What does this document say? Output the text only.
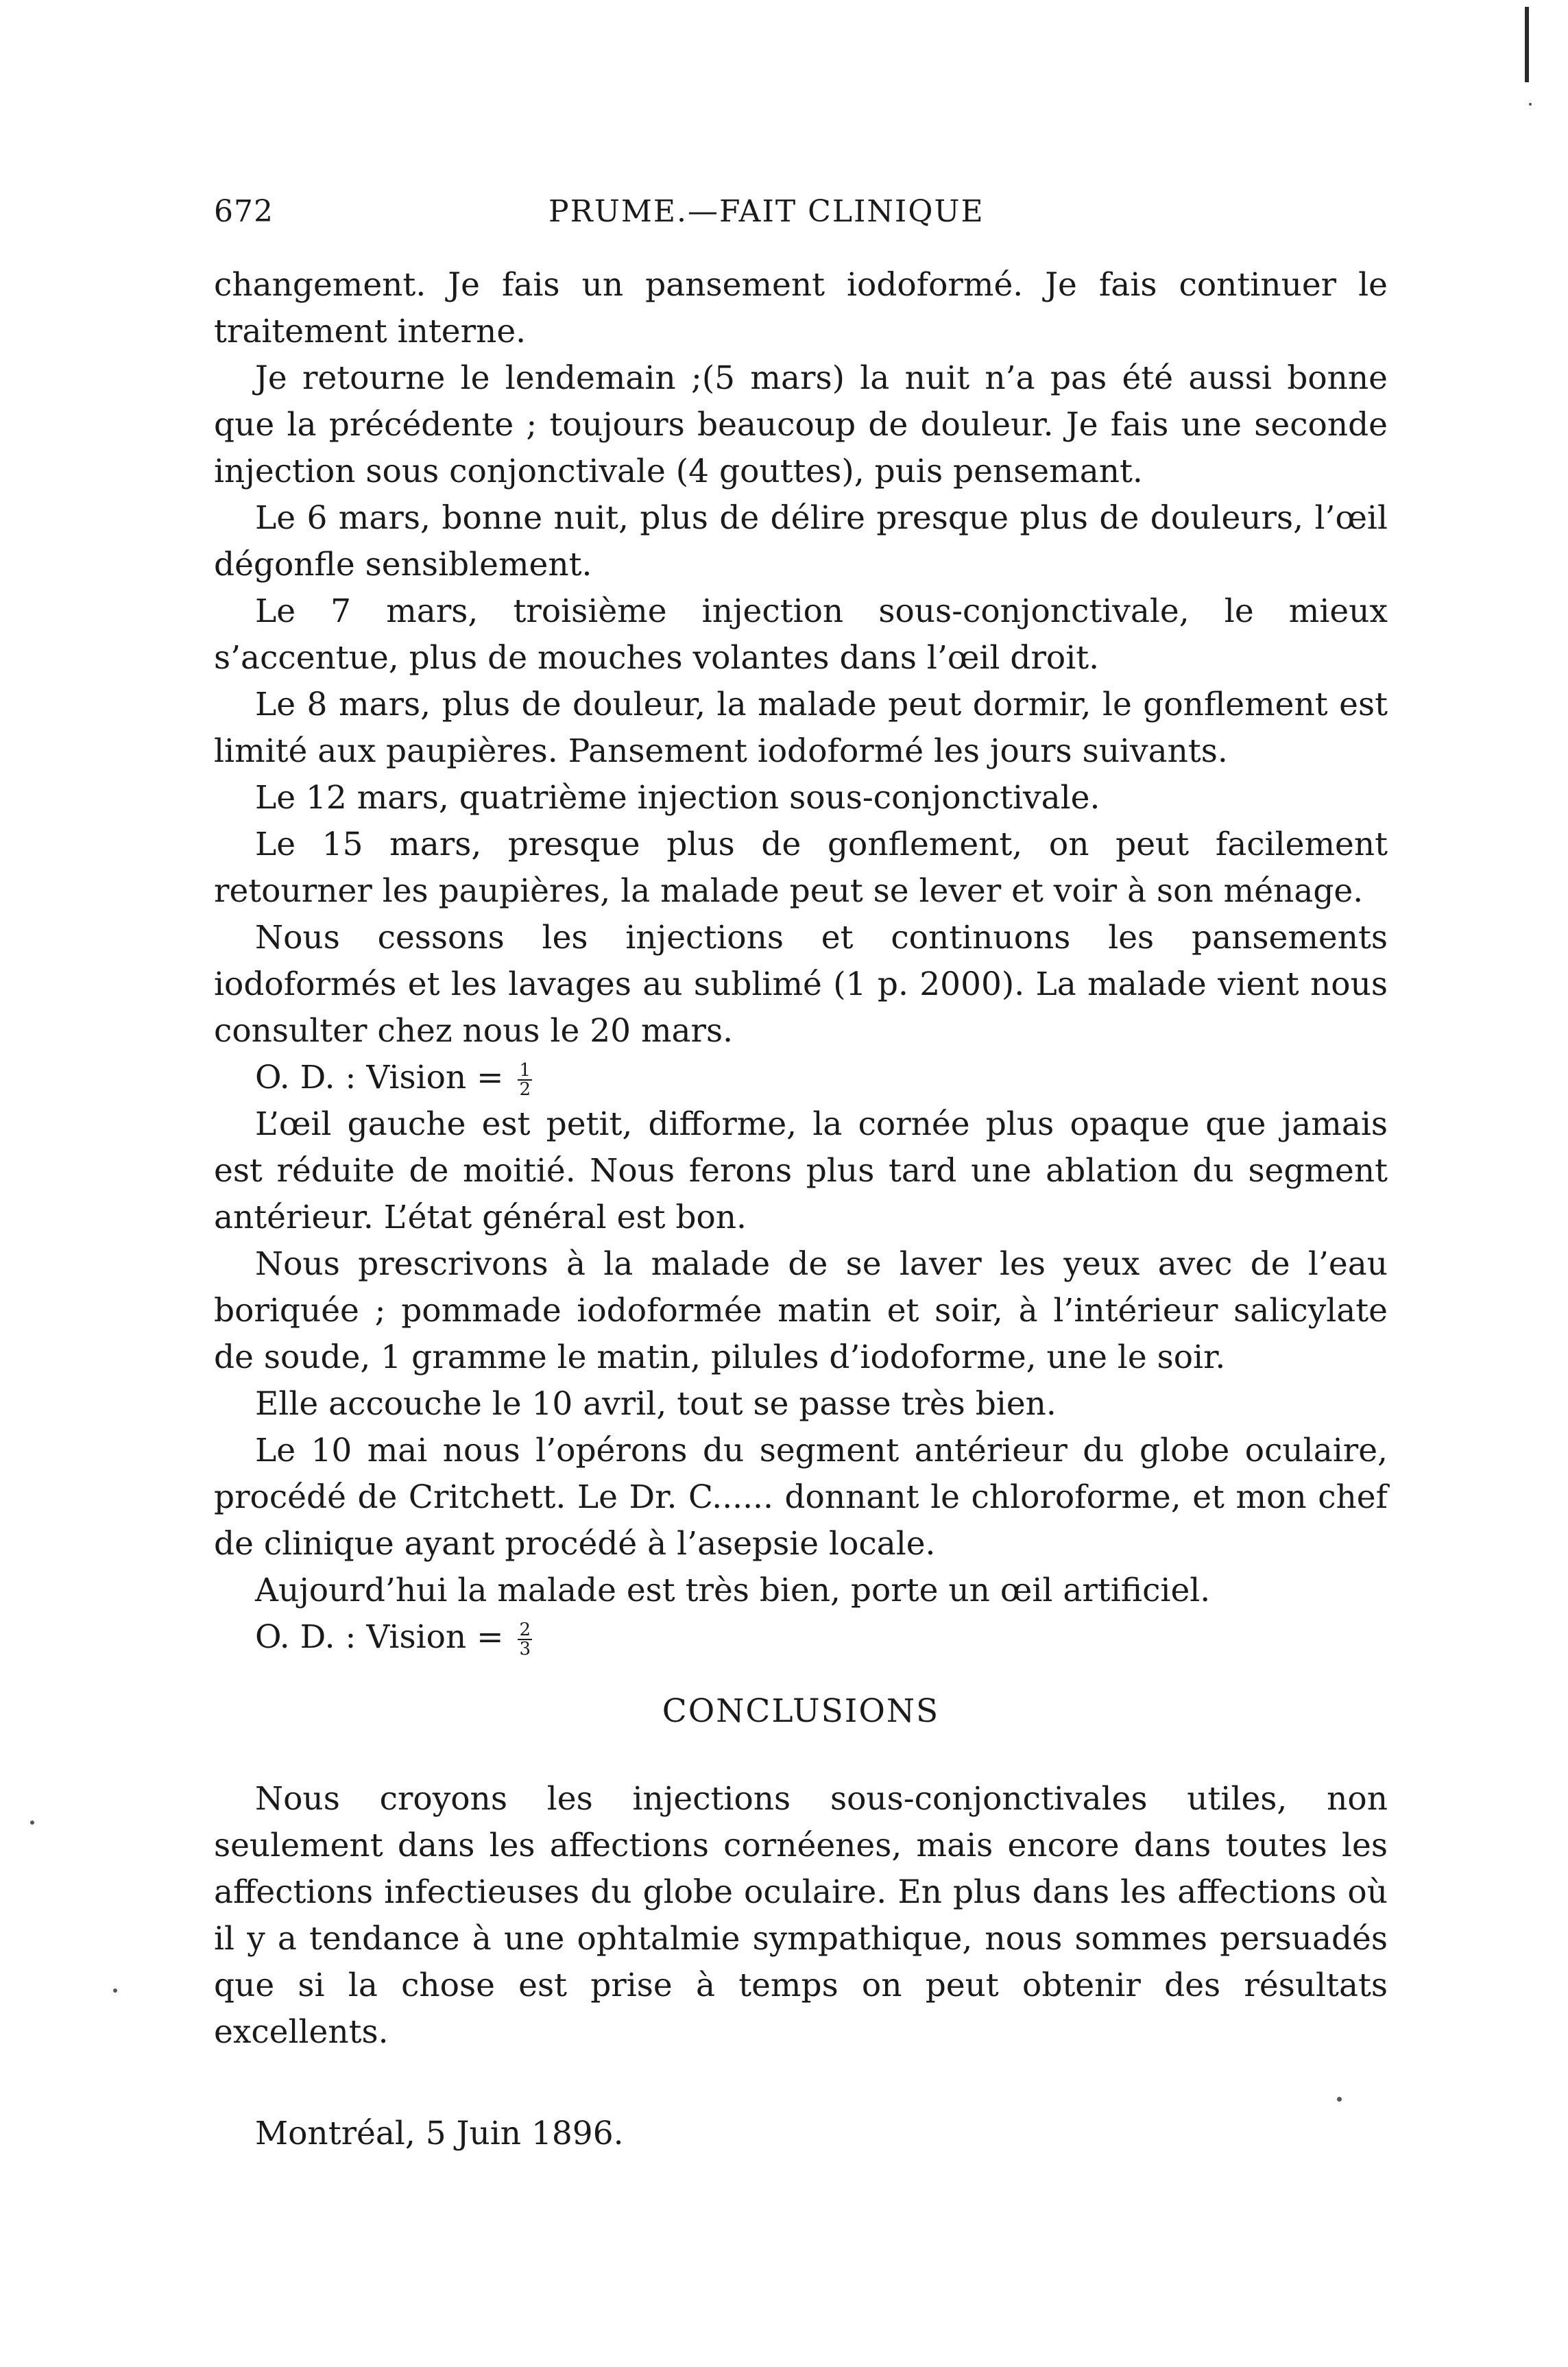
672	PRUME.—FAIT CLINIQUE

changement. Je fais un pansement iodoformé. Je fais continuer le traitement interne.

Je retourne le lendemain ;(5 mars) la nuit n’a pas été aussi bonne que la précédente ; toujours beaucoup de douleur. Je fais une seconde injection sous conjonctivale (4 gouttes), puis pensemant.

Le 6 mars, bonne nuit, plus de délire presque plus de douleurs, l’œil dégonfle sensiblement.

Le 7 mars, troisième injection sous-conjonctivale, le mieux s’accentue, plus de mouches volantes dans l’œil droit.

Le 8 mars, plus de douleur, la malade peut dormir, le gonflement est limité aux paupières. Pansement iodoformé les jours suivants.

Le 12 mars, quatrième injection sous-conjonctivale.

Le 15 mars, presque plus de gonflement, on peut facilement retourner les paupières, la malade peut se lever et voir à son ménage.

Nous cessons les injections et continuons les pansements iodoformés et les lavages au sublimé (1 p. 2000). La malade vient nous consulter chez nous le 20 mars.

O. D. : Vision = $\frac{1}{2}$

L’œil gauche est petit, difforme, la cornée plus opaque que jamais est réduite de moitié. Nous ferons plus tard une ablation du segment antérieur. L’état général est bon.

Nous prescrivons à la malade de se laver les yeux avec de l’eau boriquée ; pommade iodoformée matin et soir, à l’intérieur salicylate de soude, 1 gramme le matin, pilules d’iodoforme, une le soir.

Elle accouche le 10 avril, tout se passe très bien.

Le 10 mai nous l’opérons du segment antérieur du globe oculaire, procédé de Critchett. Le Dr. C...... donnant le chloroforme, et mon chef de clinique ayant procédé à l’asepsie locale.

Aujourd’hui la malade est très bien, porte un œil artificiel.

O. D. : Vision = $\frac{2}{3}$

CONCLUSIONS

Nous croyons les injections sous-conjonctivales utiles, non seulement dans les affections cornéenes, mais encore dans toutes les affections infectieuses du globe oculaire. En plus dans les affections où il y a tendance à une ophtalmie sympathique, nous sommes persuadés que si la chose est prise à temps on peut obtenir des résultats excellents.

Montréal, 5 Juin 1896.
